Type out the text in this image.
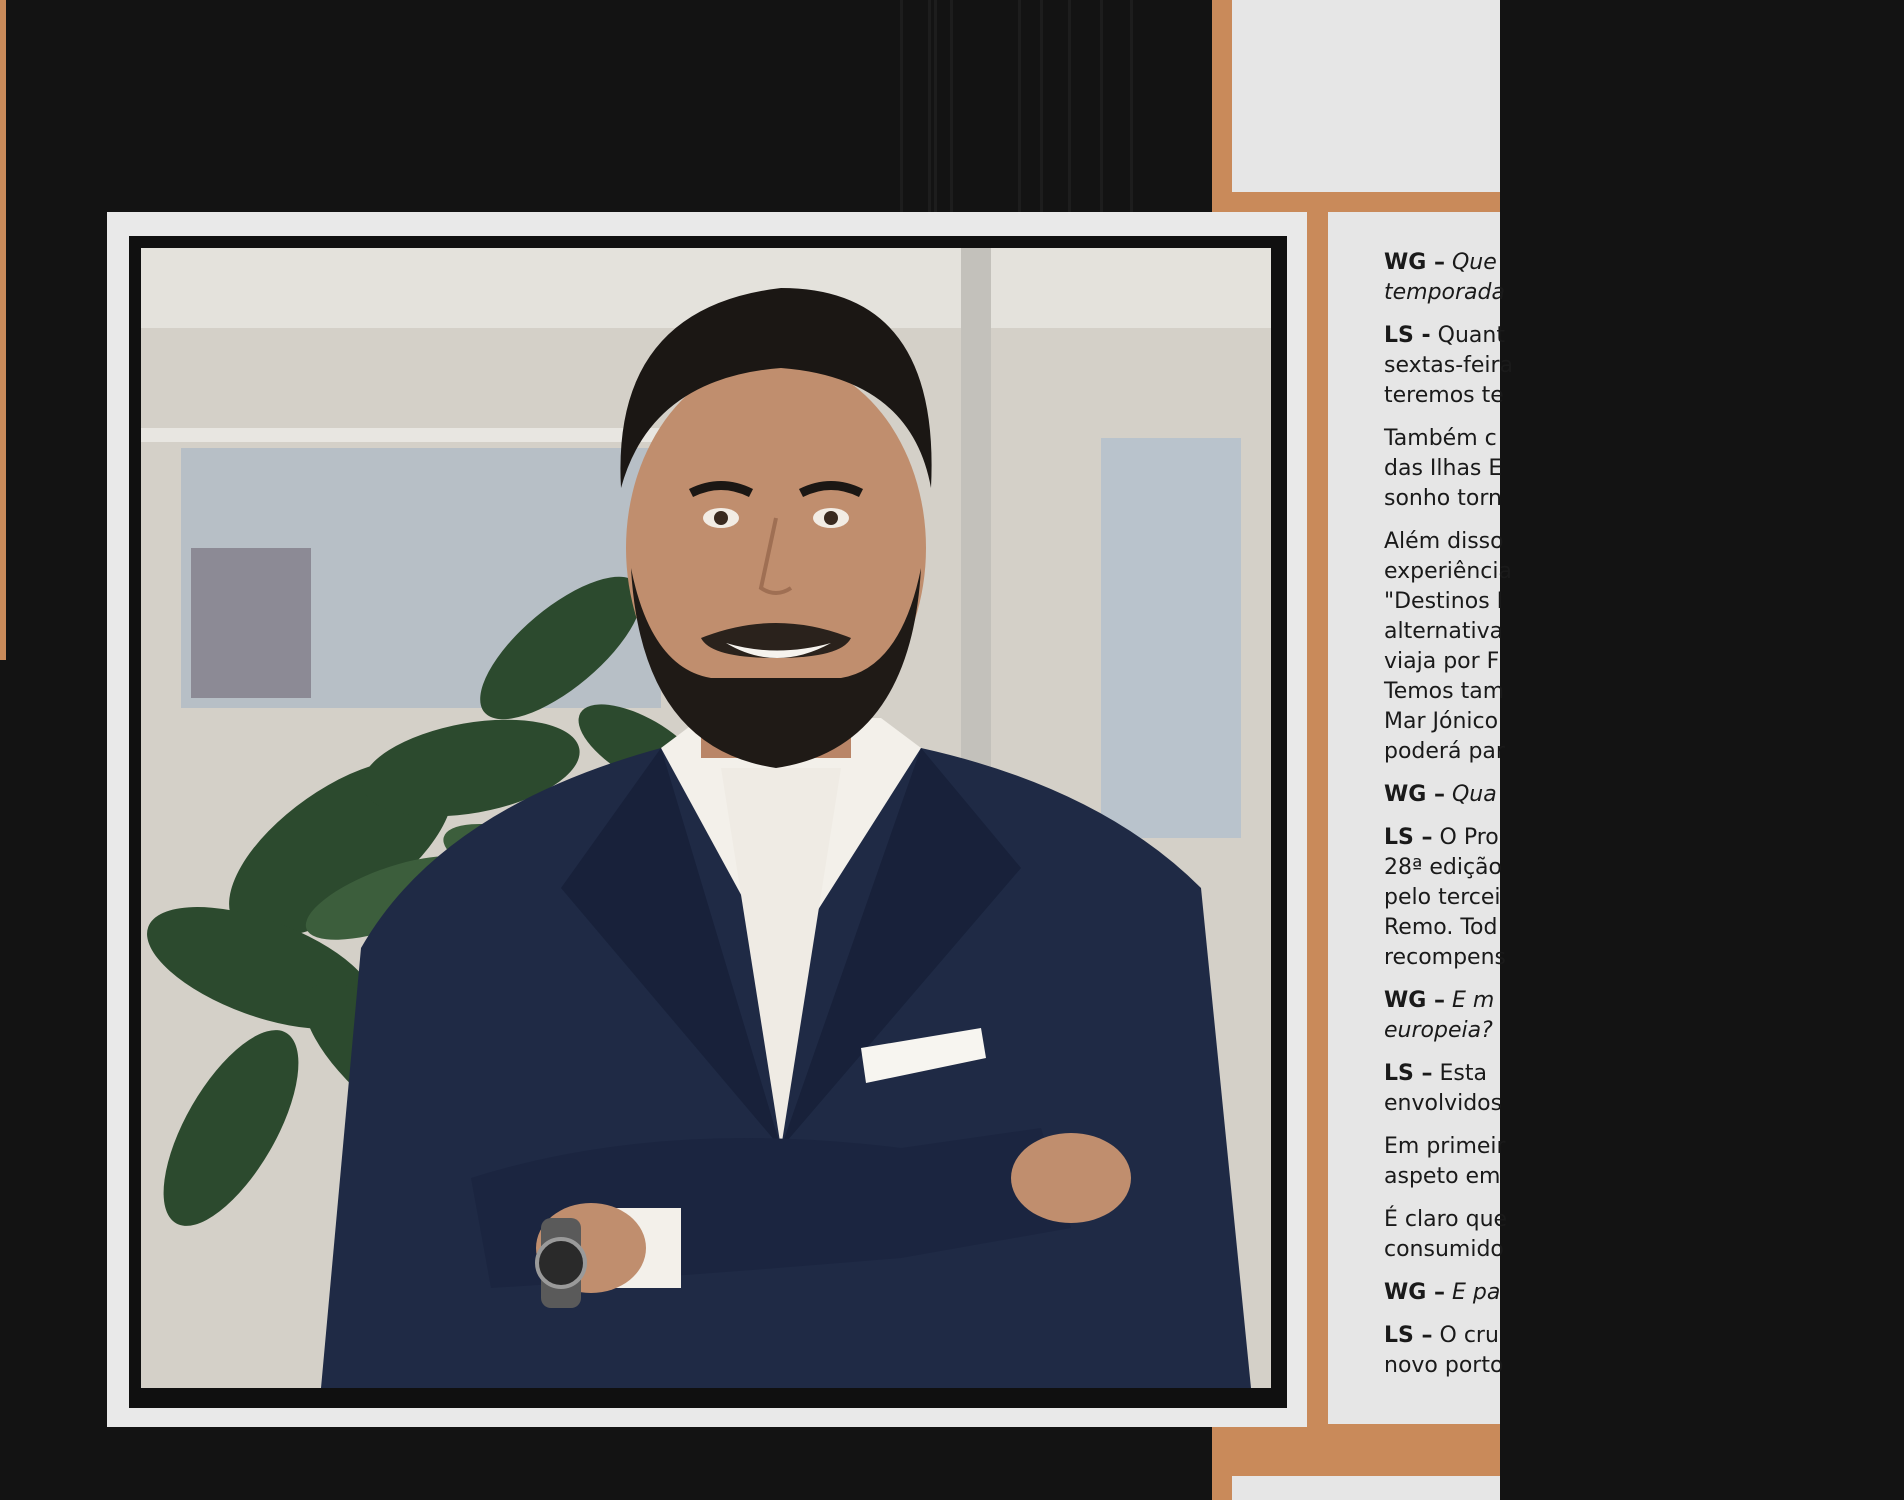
WG – Que

temporada

LS - Quant

sextas-feira

teremos te

Também c

das Ilhas E

sonho torn

Além disso

experiência

"Destinos I

alternativa

viaja por F

Temos tam

Mar Jónico

poderá par

WG – Qua

LS – O Pro

28ª edição

pelo tercei

Remo. Tod

recompens

WG – E m

europeia?

LS – Esta

envolvidos

Em primeir

aspeto em

É claro que

consumido

WG – E pa

LS – O cru

novo porto
